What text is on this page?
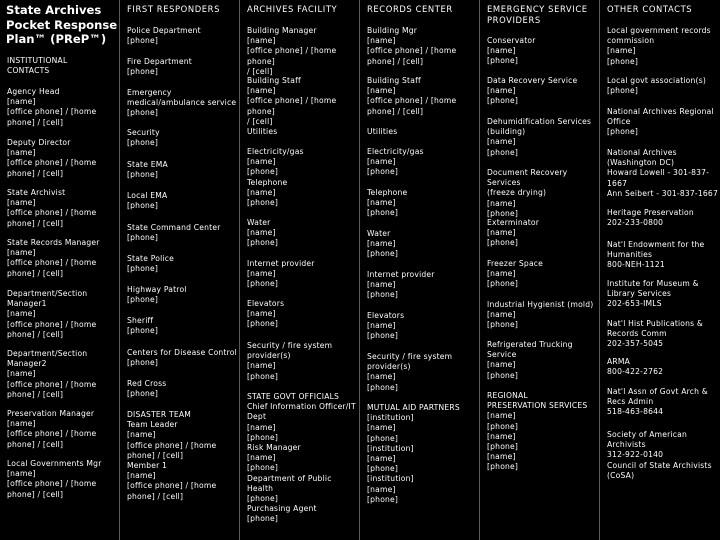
State Archives
Pocket Response
Plan™ (PReP™)
INSTITUTIONAL
CONTACTS
Agency Head
[name]
[office phone] / [home
phone] / [cell]
Deputy Director
[name]
[office phone] / [home
phone] / [cell]
State Archivist
[name]
[office phone] / [home
phone] / [cell]
State Records Manager
[name]
[office phone] / [home
phone] / [cell]
Department/Section
Manager1
[name]
[office phone] / [home
phone] / [cell]
Department/Section
Manager2
[name]
[office phone] / [home
phone] / [cell]
Preservation Manager
[name]
[office phone] / [home
phone] / [cell]
Local Governments Mgr
[name]
[office phone] / [home
phone] / [cell]
FIRST RESPONDERS
Police Department
[phone]
Fire Department
[phone]
Emergency
medical/ambulance service
[phone]
Security
[phone]
State EMA
[phone]
Local EMA
[phone]
State Command Center
[phone]
State Police
[phone]
Highway Patrol
[phone]
Sheriff
[phone]
Centers for Disease Control
[phone]
Red Cross
[phone]
DISASTER TEAM
Team Leader
[name]
[office phone] / [home
phone] / [cell]
Member 1
[name]
[office phone] / [home
phone] / [cell]
ARCHIVES FACILITY
Building Manager
[name]
[office phone] / [home phone]
/ [cell]
Building Staff
[name]
[office phone] / [home phone]
/ [cell]
Utilities
Electricity/gas
[name]
[phone]
Telephone
[name]
[phone]
Water
[name]
[phone]
Internet provider
[name]
[phone]
Elevators
[name]
[phone]
Security / fire system
provider(s)
[name]
[phone]
STATE GOVT OFFICIALS
Chief Information Officer/IT
Dept
[name]
[phone]
Risk Manager
[name]
[phone]
Department of Public Health
[phone]
Purchasing Agent
[phone]
RECORDS CENTER
Building Mgr
[name]
[office phone] / [home
phone] / [cell]
Building Staff
[name]
[office phone] / [home
phone] / [cell]
Utilities
Electricity/gas
[name]
[phone]
Telephone
[name]
[phone]
Water
[name]
[phone]
Internet provider
[name]
[phone]
Elevators
[name]
[phone]
Security / fire system
provider(s)
[name]
[phone]
MUTUAL AID PARTNERS
[institution]
[name]
[phone]
[institution]
[name]
[phone]
[institution]
[name]
[phone]
EMERGENCY SERVICE
PROVIDERS
Conservator
[name]
[phone]
Data Recovery Service
[name]
[phone]
Dehumidification Services
(building)
[name]
[phone]
Document Recovery Services
(freeze drying)
[name]
[phone]
Exterminator
[name]
[phone]
Freezer Space
[name]
[phone]
Industrial Hygienist (mold)
[name]
[phone]
Refrigerated Trucking
Service
[name]
[phone]
REGIONAL
PRESERVATION SERVICES
[name]
[phone]
[name]
[phone]
[name]
[phone]
OTHER CONTACTS
Local government records
commission
[name]
[phone]
Local govt association(s)
[phone]
National Archives Regional
Office
[phone]
National Archives
(Washington DC)
Howard Lowell - 301-837-
1667
Ann Seibert - 301-837-1667
Heritage Preservation
202-233-0800
Nat'l Endowment for the
Humanities
800-NEH-1121
Institute for Museum &
Library Services
202-653-IMLS
Nat'l Hist Publications &
Records Comm
202-357-5045
ARMA
800-422-2762
Nat'l Assn of Govt Arch &
Recs Admin
518-463-8644
Society of American
Archivists
312-922-0140
Council of State Archivists
(CoSA)
